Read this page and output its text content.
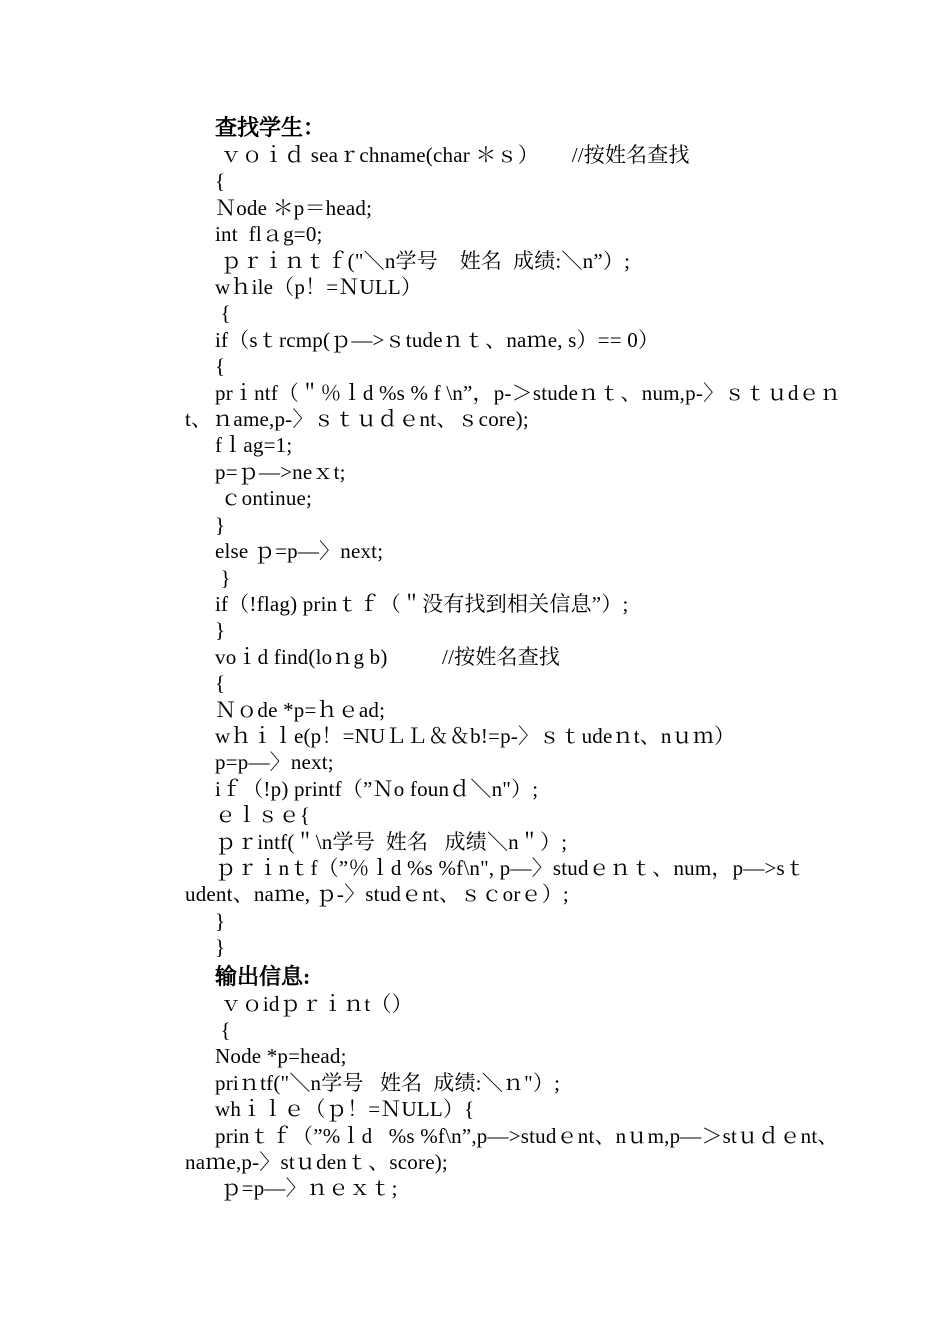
查找学生：
ｖｏｉｄ seaｒchname(char ＊ｓ）      //按姓名查找
{
Ｎode ＊p＝head;
int  flａg=0;
ｐｒｉｎｔｆ("＼n学号    姓名  成绩:＼n”）;
wｈile（p！=ＮULL）
{
if（sｔrcmp(ｐ—>ｓtudeｎｔ、naｍe, s）== 0）
{
prｉntf（＂％ｌd %s % f \n”，p-＞studeｎｔ、num,p-〉ｓｔｕdｅｎt、ｎame,p-〉ｓｔｕｄｅnt、ｓcore);
fｌag=1;
p=ｐ—>neｘt;
ｃontinue;
}
else ｐ=p—〉next;
}
if（!flag) prinｔｆ（＂没有找到相关信息”）;
}
voｉd find(loｎg b)          //按姓名查找
{
Ｎｏde *p=ｈｅad;
wｈｉｌe(p！=NUＬＬ＆＆b!=p-〉ｓｔudeｎt、nｕｍ）
p=p—〉next;
iｆ（!p) printf（”Ｎo founｄ＼n"）;
ｅｌｓｅ{
ｐｒintf(＂\n学号  姓名   成绩＼n＂）;
ｐｒｉnｔf（”％ｌd %s %f\n", p—〉studｅｎｔ、num，p—>sｔudent、naｍe, ｐ-〉studｅnt、ｓｃorｅ）;
}
}
输出信息:
ｖｏidｐｒｉｎt（）
{
Node *p=head;
priｎtf("＼n学号   姓名  成绩:＼ｎ"）;
whｉｌｅ（ｐ！=ＮULL）{
prinｔｆ（”%ｌd   %s %f\n”,p—>studｅnt、nｕm,p—＞stｕｄｅnt、naｍe,p-〉stｕdenｔ、score);
ｐ=p—〉ｎｅｘｔ;
